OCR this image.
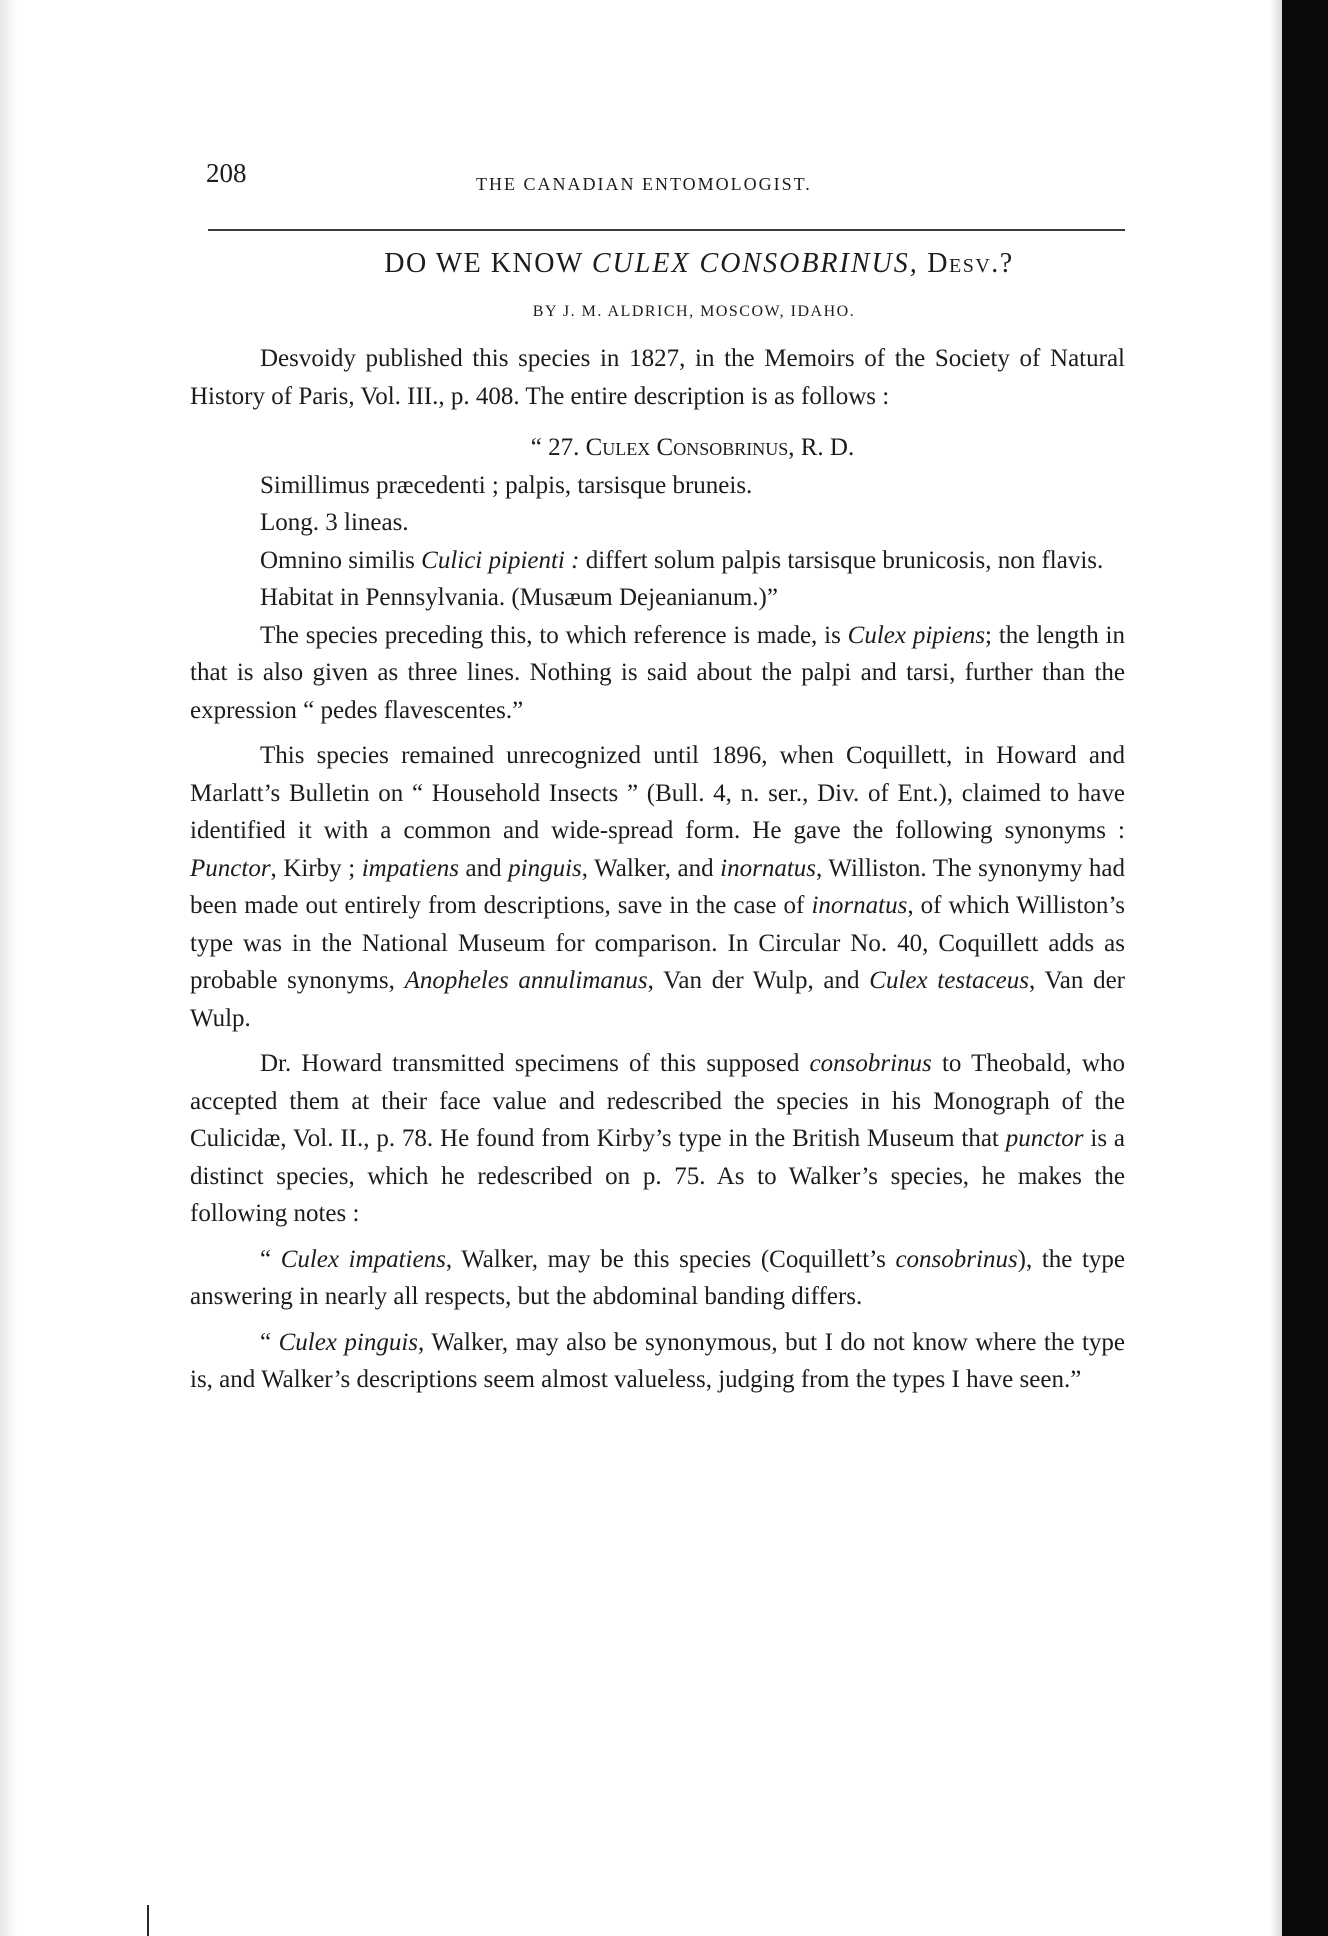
208	THE CANADIAN ENTOMOLOGIST.
DO WE KNOW CULEX CONSOBRINUS, Desv.?
BY J. M. ALDRICH, MOSCOW, IDAHO.

Desvoidy published this species in 1827, in the Memoirs of the Society of Natural History of Paris, Vol. III., p. 408. The entire description is as follows :

“ 27. Culex Consobrinus, R. D.

Simillimus præcedenti ; palpis, tarsisque bruneis.

Long. 3 lineas.

Omnino similis Culici pipienti : differt solum palpis tarsisque brunicosis, non flavis.

Habitat in Pennsylvania. (Musæum Dejeanianum.)”

The species preceding this, to which reference is made, is Culex pipiens; the length in that is also given as three lines. Nothing is said about the palpi and tarsi, further than the expression “ pedes flavescentes.”

This species remained unrecognized until 1896, when Coquillett, in Howard and Marlatt’s Bulletin on “ Household Insects ” (Bull. 4, n. ser., Div. of Ent.), claimed to have identified it with a common and wide-spread form. He gave the following synonyms : Punctor, Kirby ; impatiens and pinguis, Walker, and inornatus, Williston. The synonymy had been made out entirely from descriptions, save in the case of inornatus, of which Williston’s type was in the National Museum for comparison. In Circular No. 40, Coquillett adds as probable synonyms, Anopheles annulimanus, Van der Wulp, and Culex testaceus, Van der Wulp.

Dr. Howard transmitted specimens of this supposed consobrinus to Theobald, who accepted them at their face value and redescribed the species in his Monograph of the Culicidæ, Vol. II., p. 78. He found from Kirby’s type in the British Museum that punctor is a distinct species, which he redescribed on p. 75. As to Walker’s species, he makes the following notes :

“ Culex impatiens, Walker, may be this species (Coquillett’s consobrinus), the type answering in nearly all respects, but the abdominal banding differs.

“ Culex pinguis, Walker, may also be synonymous, but I do not know where the type is, and Walker’s descriptions seem almost valueless, judging from the types I have seen.”
